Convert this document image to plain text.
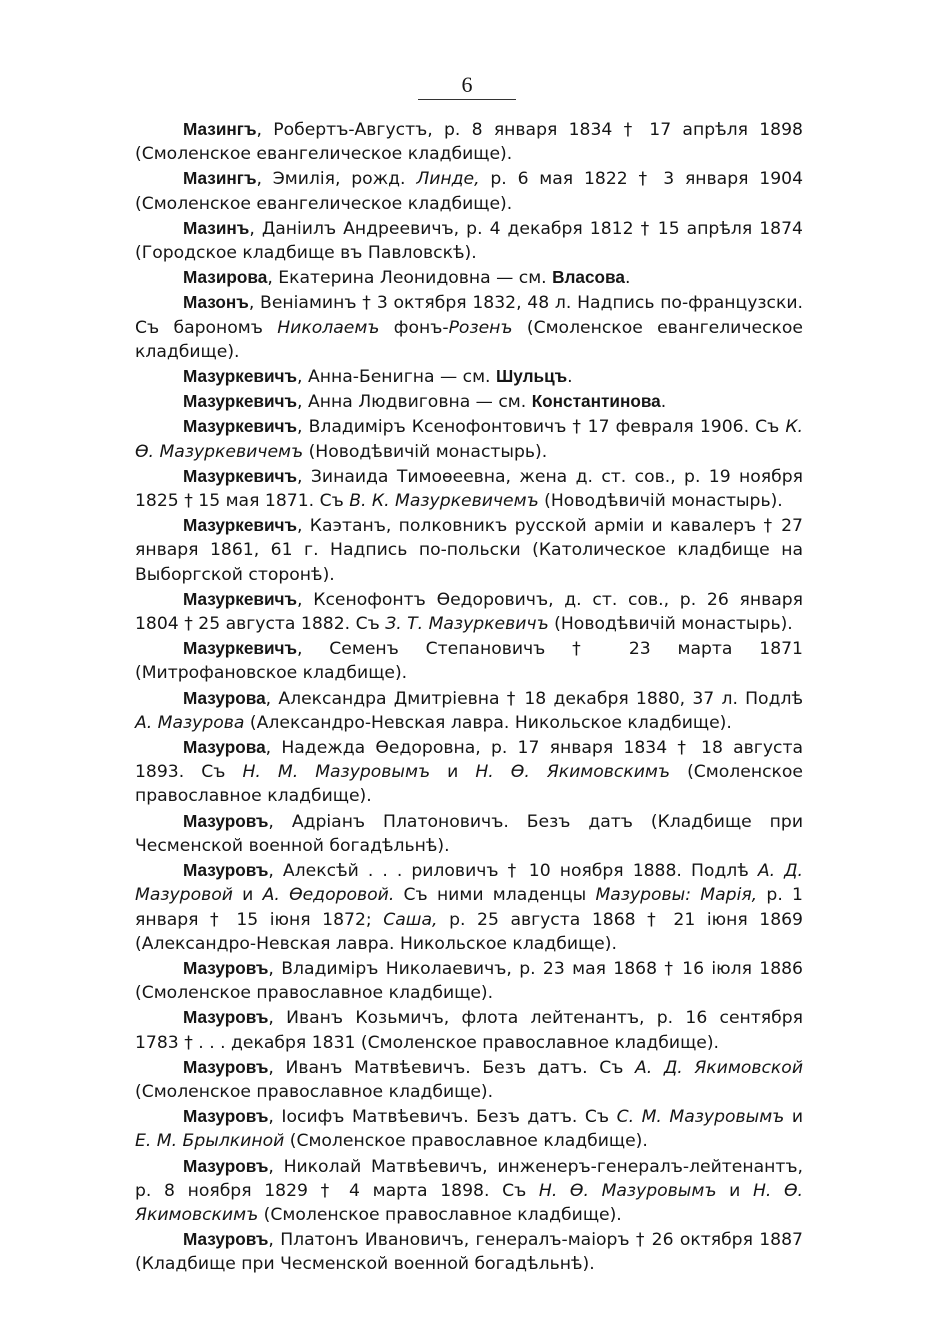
6

Мазингъ, Робертъ-Августъ, р. 8 января 1834 † 17 апрѣля 1898 (Смоленское евангелическое кладбище).

Мазингъ, Эмилія, рожд. Линде, р. 6 мая 1822 † 3 января 1904 (Смоленское евангелическое кладбище).

Мазинъ, Даніилъ Андреевичъ, р. 4 декабря 1812 † 15 апрѣля 1874 (Городское кладбище въ Павловскѣ).

Мазирова, Екатерина Леонидовна — см. Власова.

Мазонъ, Веніаминъ † 3 октября 1832, 48 л. Надпись по-французски. Съ барономъ Николаемъ фонъ-Розенъ (Смоленское евангелическое кладбище).

Мазуркевичъ, Анна-Бенигна — см. Шульцъ.

Мазуркевичъ, Анна Людвиговна — см. Константинова.

Мазуркевичъ, Владиміръ Ксенофонтовичъ † 17 февраля 1906. Съ К. Ѳ. Мазуркевичемъ (Новодѣвичій монастырь).

Мазуркевичъ, Зинаида Тимоѳеевна, жена д. ст. сов., р. 19 ноября 1825 † 15 мая 1871. Съ В. К. Мазуркевичемъ (Новодѣвичій монастырь).

Мазуркевичъ, Каэтанъ, полковникъ русской арміи и кавалеръ † 27 января 1861, 61 г. Надпись по-польски (Католическое кладбище на Выборгской сторонѣ).

Мазуркевичъ, Ксенофонтъ Ѳедоровичъ, д. ст. сов., р. 26 января 1804 † 25 августа 1882. Съ З. Т. Мазуркевичъ (Новодѣвичій монастырь).

Мазуркевичъ, Семенъ Степановичъ † 23 марта 1871 (Митрофановское кладбище).

Мазурова, Александра Дмитріевна † 18 декабря 1880, 37 л. Подлѣ А. Мазурова (Александро-Невская лавра. Никольское кладбище).

Мазурова, Надежда Ѳедоровна, р. 17 января 1834 † 18 августа 1893. Съ Н. М. Мазуровымъ и Н. Ѳ. Якимовскимъ (Смоленское православное кладбище).

Мазуровъ, Адріанъ Платоновичъ. Безъ датъ (Кладбище при Чесменской военной богадѣльнѣ).

Мазуровъ, Алексѣй . . . риловичъ † 10 ноября 1888. Подлѣ А. Д. Мазуровой и А. Ѳедоровой. Съ ними младенцы Мазуровы: Марія, р. 1 января † 15 іюня 1872; Саша, р. 25 августа 1868 † 21 іюня 1869 (Александро-Невская лавра. Никольское кладбище).

Мазуровъ, Владиміръ Николаевичъ, р. 23 мая 1868 † 16 іюля 1886 (Смоленское православное кладбище).

Мазуровъ, Иванъ Козьмичъ, флота лейтенантъ, р. 16 сентября 1783 † . . . декабря 1831 (Смоленское православное кладбище).

Мазуровъ, Иванъ Матвѣевичъ. Безъ датъ. Съ А. Д. Якимовской (Смоленское православное кладбище).

Мазуровъ, Іосифъ Матвѣевичъ. Безъ датъ. Съ С. М. Мазуровымъ и Е. М. Брылкиной (Смоленское православное кладбище).

Мазуровъ, Николай Матвѣевичъ, инженеръ-генералъ-лейтенантъ, р. 8 ноября 1829 † 4 марта 1898. Съ Н. Ѳ. Мазуровымъ и Н. Ѳ. Якимовскимъ (Смоленское православное кладбище).

Мазуровъ, Платонъ Ивановичъ, генералъ-маіоръ † 26 октября 1887 (Кладбище при Чесменской военной богадѣльнѣ).
